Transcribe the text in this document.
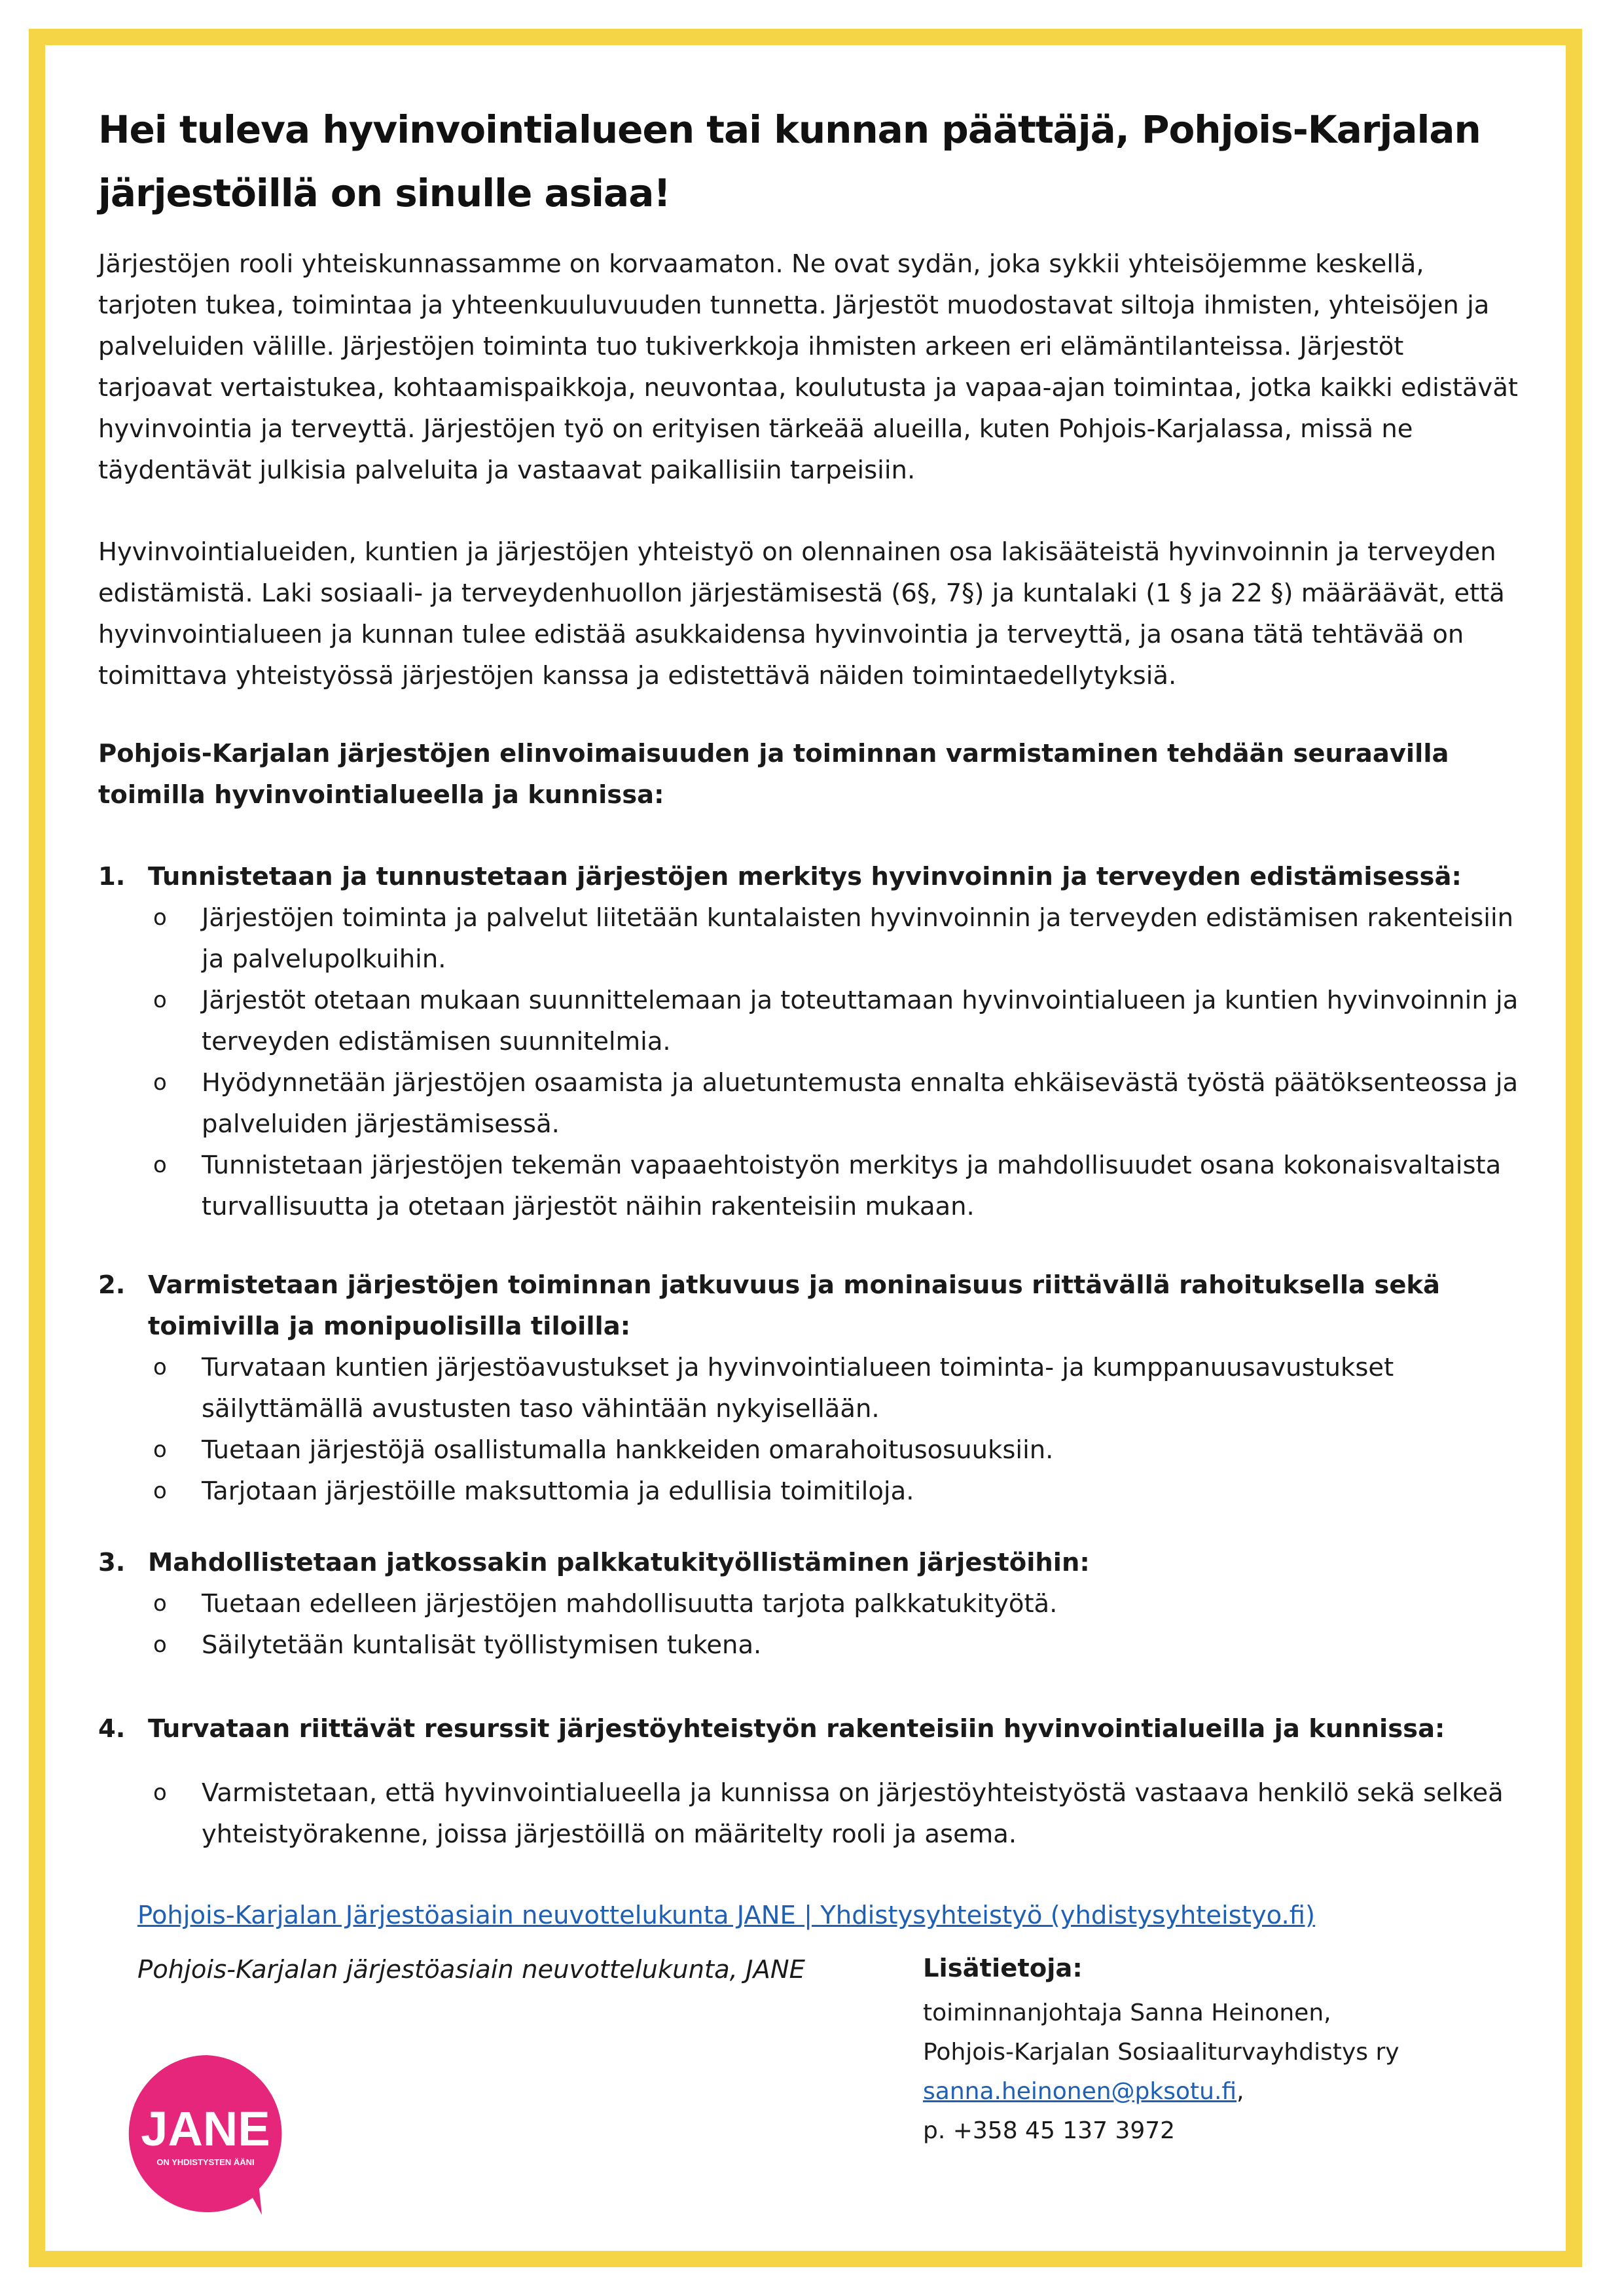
Hei tuleva hyvinvointialueen tai kunnan päättäjä, Pohjois-Karjalan järjestöillä on sinulle asiaa!

Järjestöjen rooli yhteiskunnassamme on korvaamaton. Ne ovat sydän, joka sykkii yhteisöjemme keskellä, tarjoten tukea, toimintaa ja yhteenkuuluvuuden tunnetta. Järjestöt muodostavat siltoja ihmisten, yhteisöjen ja palveluiden välille. Järjestöjen toiminta tuo tukiverkkoja ihmisten arkeen eri elämäntilanteissa. Järjestöt tarjoavat vertaistukea, kohtaamispaikkoja, neuvontaa, koulutusta ja vapaa-ajan toimintaa, jotka kaikki edistävät hyvinvointia ja terveyttä. Järjestöjen työ on erityisen tärkeää alueilla, kuten Pohjois-Karjalassa, missä ne täydentävät julkisia palveluita ja vastaavat paikallisiin tarpeisiin.

Hyvinvointialueiden, kuntien ja järjestöjen yhteistyö on olennainen osa lakisääteistä hyvinvoinnin ja terveyden edistämistä. Laki sosiaali- ja terveydenhuollon järjestämisestä (6§, 7§) ja kuntalaki (1 § ja 22 §) määräävät, että hyvinvointialueen ja kunnan tulee edistää asukkaidensa hyvinvointia ja terveyttä, ja osana tätä tehtävää on toimittava yhteistyössä järjestöjen kanssa ja edistettävä näiden toimintaedellytyksiä.

Pohjois-Karjalan järjestöjen elinvoimaisuuden ja toiminnan varmistaminen tehdään seuraavilla toimilla hyvinvointialueella ja kunnissa:

1. Tunnistetaan ja tunnustetaan järjestöjen merkitys hyvinvoinnin ja terveyden edistämisessä:
o Järjestöjen toiminta ja palvelut liitetään kuntalaisten hyvinvoinnin ja terveyden edistämisen rakenteisiin ja palvelupolkuihin.
o Järjestöt otetaan mukaan suunnittelemaan ja toteuttamaan hyvinvointialueen ja kuntien hyvinvoinnin ja terveyden edistämisen suunnitelmia.
o Hyödynnetään järjestöjen osaamista ja aluetuntemusta ennalta ehkäisevästä työstä päätöksenteossa ja palveluiden järjestämisessä.
o Tunnistetaan järjestöjen tekemän vapaaehtoistyön merkitys ja mahdollisuudet osana kokonaisvaltaista turvallisuutta ja otetaan järjestöt näihin rakenteisiin mukaan.
2. Varmistetaan järjestöjen toiminnan jatkuvuus ja moninaisuus riittävällä rahoituksella sekä toimivilla ja monipuolisilla tiloilla:
o Turvataan kuntien järjestöavustukset ja hyvinvointialueen toiminta- ja kumppanuusavustukset säilyttämällä avustusten taso vähintään nykyisellään.
o Tuetaan järjestöjä osallistumalla hankkeiden omarahoitusosuuksiin.
o Tarjotaan järjestöille maksuttomia ja edullisia toimitiloja.
3. Mahdollistetaan jatkossakin palkkatukityöllistäminen järjestöihin:
o Tuetaan edelleen järjestöjen mahdollisuutta tarjota palkkatukityötä.
o Säilytetään kuntalisät työllistymisen tukena.
4. Turvataan riittävät resurssit järjestöyhteistyön rakenteisiin hyvinvointialueilla ja kunnissa:
o Varmistetaan, että hyvinvointialueella ja kunnissa on järjestöyhteistyöstä vastaava henkilö sekä selkeä yhteistyörakenne, joissa järjestöillä on määritelty rooli ja asema.
Pohjois-Karjalan Järjestöasiain neuvottelukunta JANE | Yhdistysyhteistyö (yhdistysyhteistyo.fi)
Pohjois-Karjalan järjestöasiain neuvottelukunta, JANE	Lisätietoja:
toiminnanjohtaja Sanna Heinonen,
Pohjois-Karjalan Sosiaaliturvayhdistys ry
sanna.heinonen@pksotu.fi,
p. +358 45 137 3972
JANE
ON YHDISTYSTEN ÄÄNI
